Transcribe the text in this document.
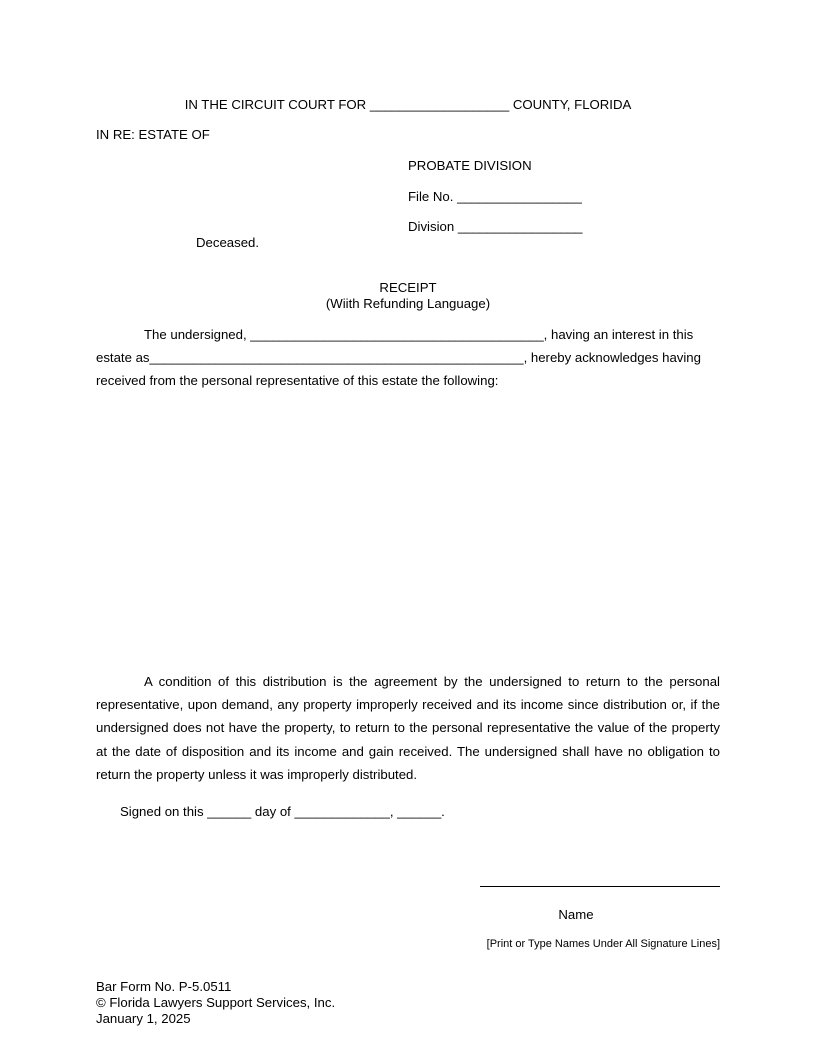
IN THE CIRCUIT COURT FOR ___________________ COUNTY, FLORIDA
IN RE: ESTATE OF
PROBATE DIVISION
File No. _________________
Division _________________
Deceased.
RECEIPT
(Wiith Refunding Language)
The undersigned, ________________________________________, having an interest in this
estate as___________________________________________________, hereby acknowledges having
received from the personal representative of this estate the following:
A condition of this distribution is the agreement by the undersigned to return to the personal representative, upon demand, any property improperly received and its income since distribution or, if the undersigned does not have the property, to return to the personal representative the value of the property at the date of disposition and its income and gain received. The undersigned shall have no obligation to return the property unless it was improperly distributed.
Signed on this ______ day of _____________, ______.
Name
[Print or Type Names Under All Signature Lines]
Bar Form No. P-5.0511
© Florida Lawyers Support Services, Inc.
January 1, 2025
